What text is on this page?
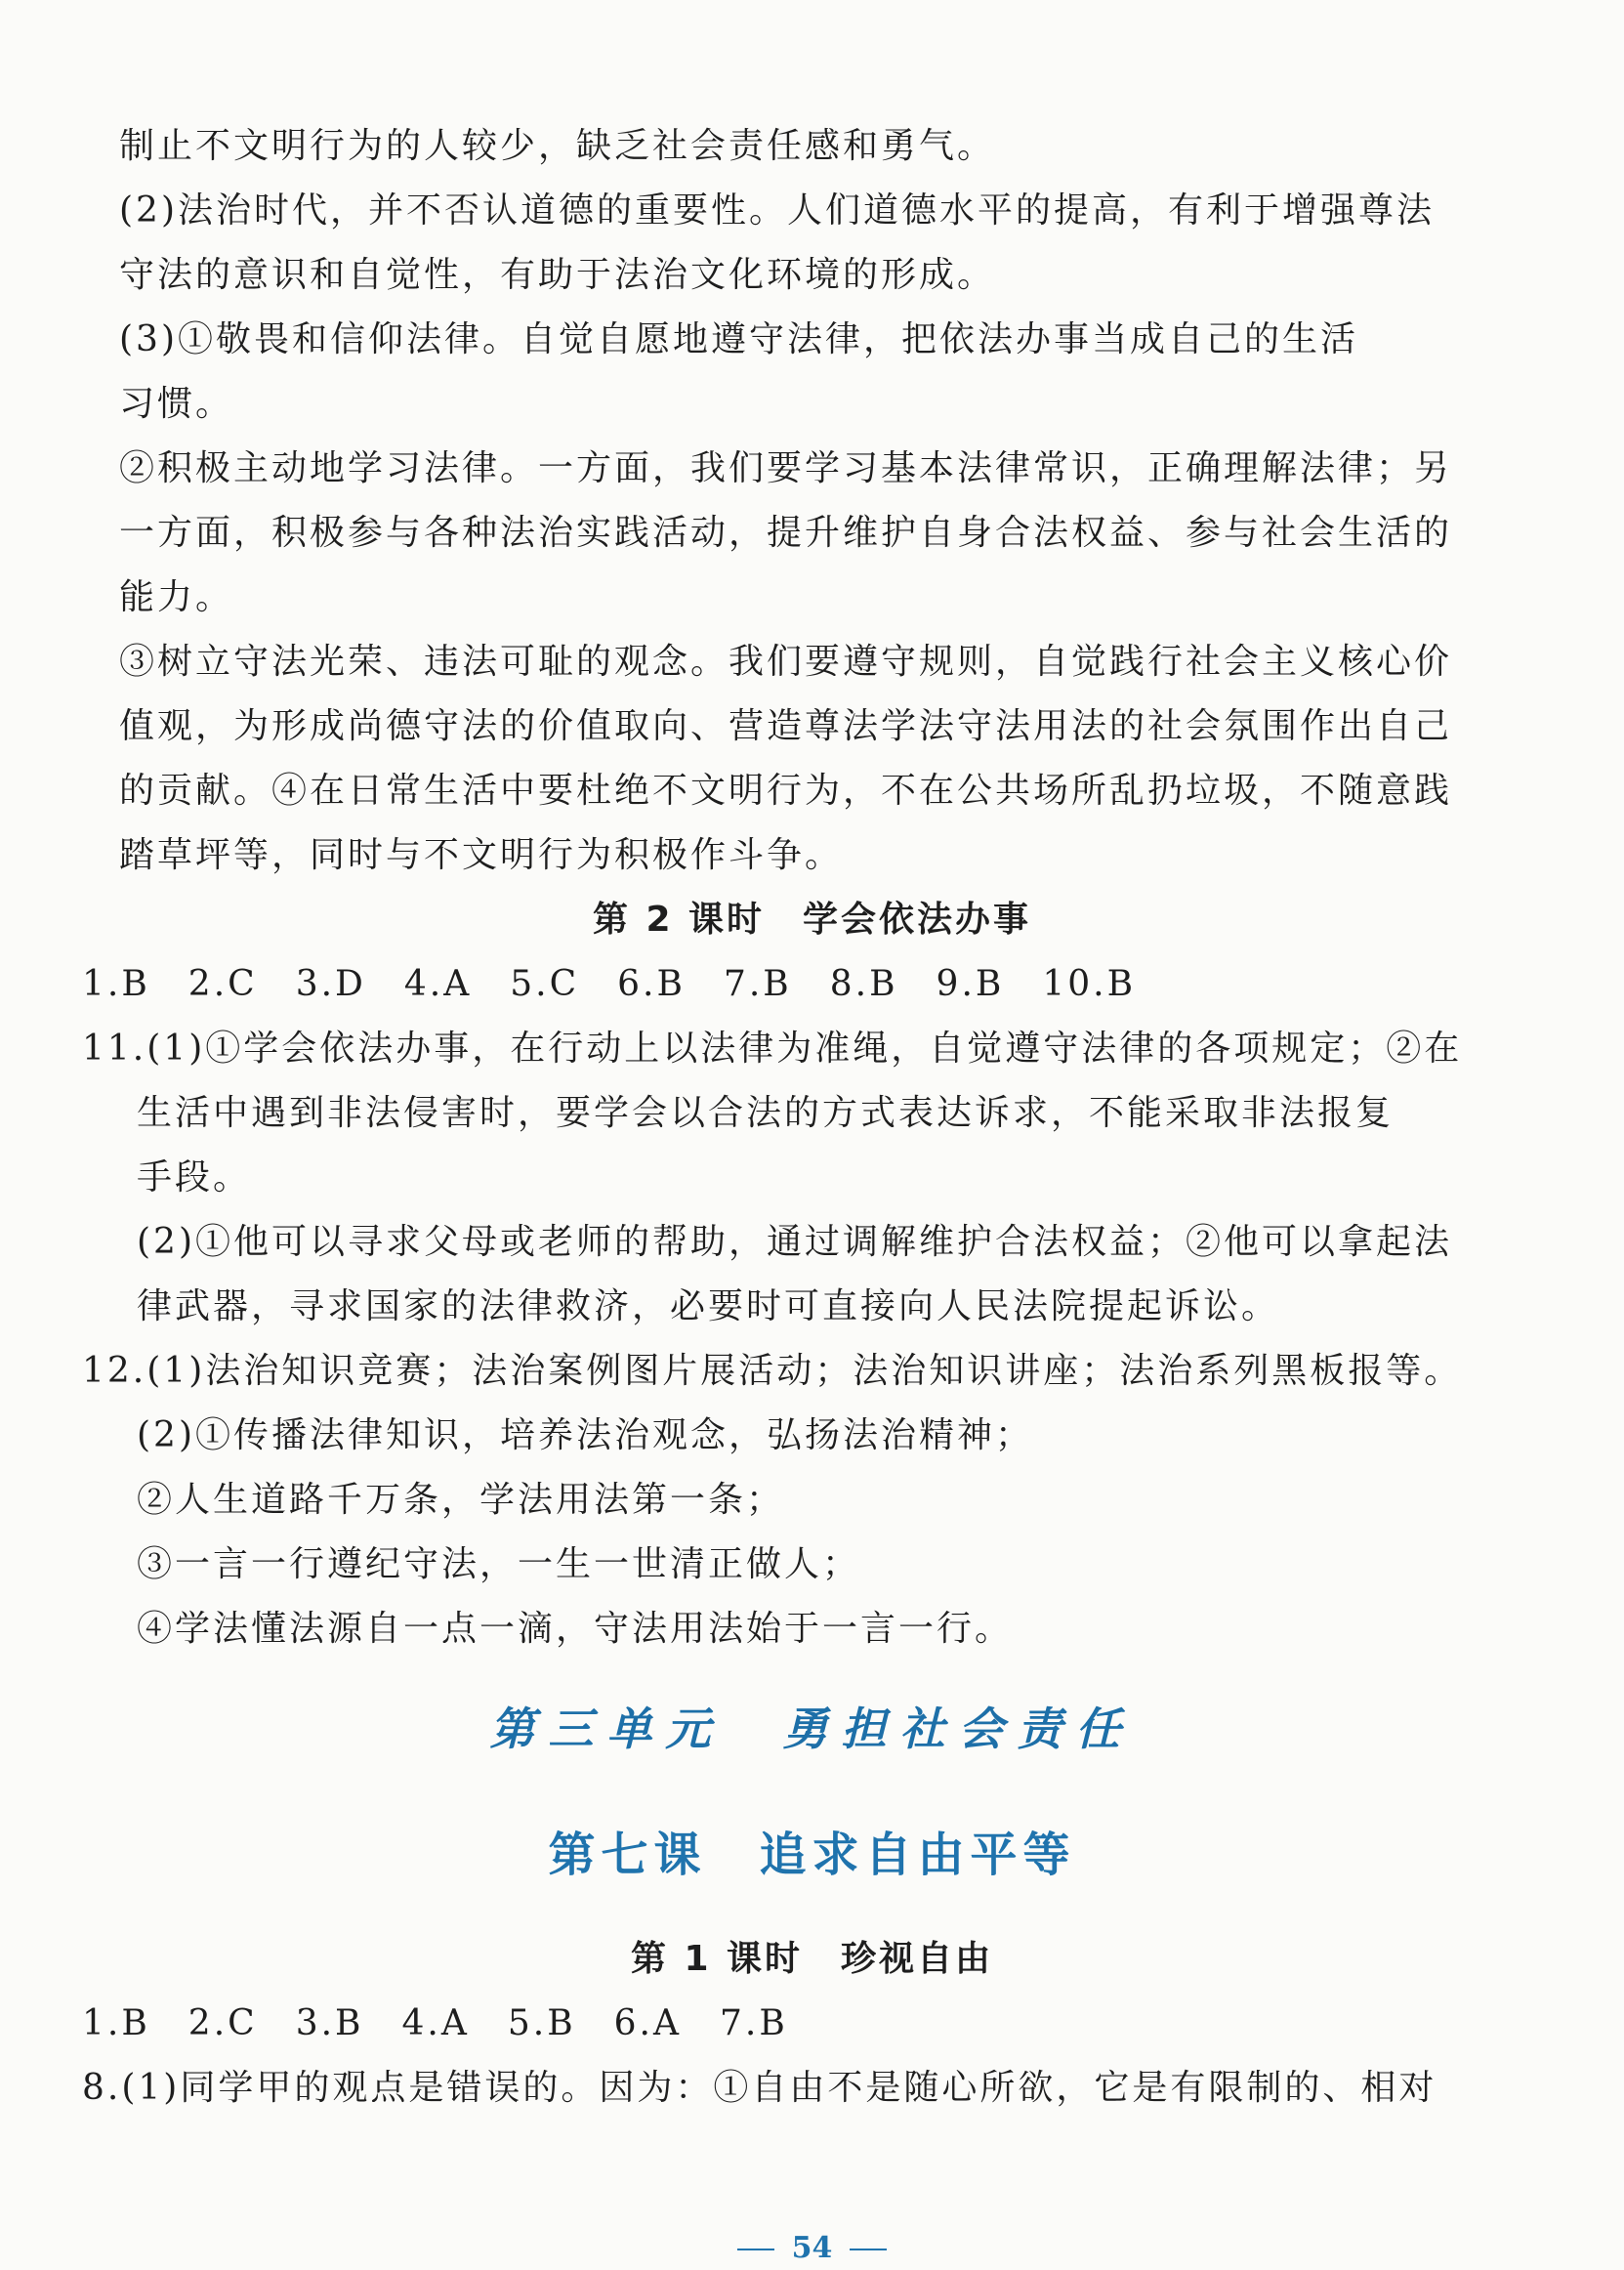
制止不文明行为的人较少，缺乏社会责任感和勇气。
(2)法治时代，并不否认道德的重要性。人们道德水平的提高，有利于增强尊法
守法的意识和自觉性，有助于法治文化环境的形成。
(3)①敬畏和信仰法律。自觉自愿地遵守法律，把依法办事当成自己的生活
习惯。
②积极主动地学习法律。一方面，我们要学习基本法律常识，正确理解法律；另
一方面，积极参与各种法治实践活动，提升维护自身合法权益、参与社会生活的
能力。
③树立守法光荣、违法可耻的观念。我们要遵守规则，自觉践行社会主义核心价
值观，为形成尚德守法的价值取向、营造尊法学法守法用法的社会氛围作出自己
的贡献。④在日常生活中要杜绝不文明行为，不在公共场所乱扔垃圾，不随意践
踏草坪等，同时与不文明行为积极作斗争。
第 2 课时　学会依法办事
1.B　2.C　3.D　4.A　5.C　6.B　7.B　8.B　9.B　10.B
11.(1)①学会依法办事，在行动上以法律为准绳，自觉遵守法律的各项规定；②在
生活中遇到非法侵害时，要学会以合法的方式表达诉求，不能采取非法报复
手段。
(2)①他可以寻求父母或老师的帮助，通过调解维护合法权益；②他可以拿起法
律武器，寻求国家的法律救济，必要时可直接向人民法院提起诉讼。
12.(1)法治知识竞赛；法治案例图片展活动；法治知识讲座；法治系列黑板报等。
(2)①传播法律知识，培养法治观念，弘扬法治精神；
②人生道路千万条，学法用法第一条；
③一言一行遵纪守法，一生一世清正做人；
④学法懂法源自一点一滴，守法用法始于一言一行。
第三单元　勇担社会责任
第七课　追求自由平等
第 1 课时　珍视自由
1.B　2.C　3.B　4.A　5.B　6.A　7.B
8.(1)同学甲的观点是错误的。因为：①自由不是随心所欲，它是有限制的、相对
54
